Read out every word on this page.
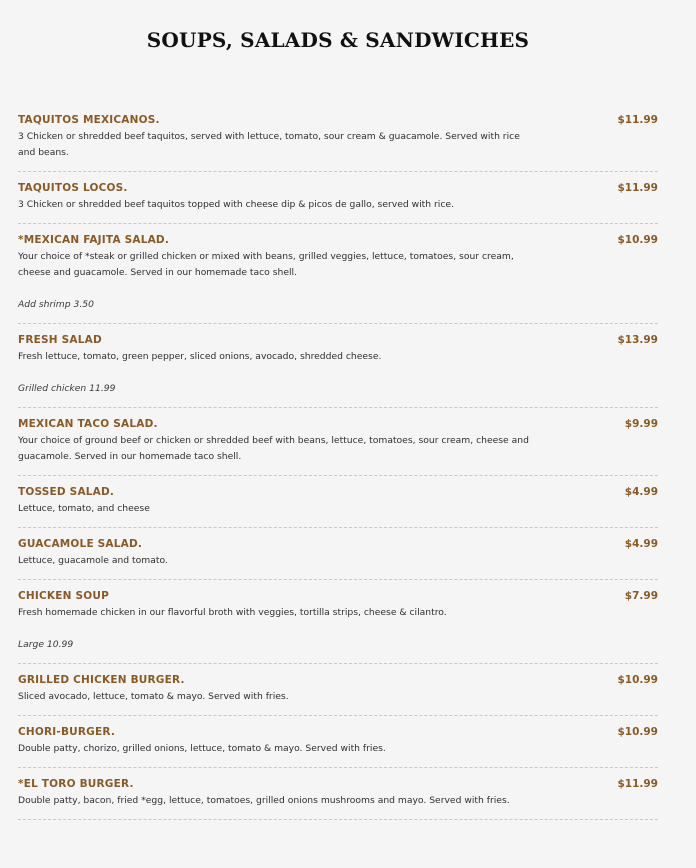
SOUPS, SALADS & SANDWICHES
TAQUITOS MEXICANOS.	$11.99
3 Chicken or shredded beef taquitos, served with lettuce, tomato, sour cream & guacamole. Served with rice and beans.
TAQUITOS LOCOS.	$11.99
3 Chicken or shredded beef taquitos topped with cheese dip & picos de gallo, served with rice.
*MEXICAN FAJITA SALAD.	$10.99
Your choice of *steak or grilled chicken or mixed with beans, grilled veggies, lettuce, tomatoes, sour cream, cheese and guacamole. Served in our homemade taco shell.
Add shrimp 3.50
FRESH SALAD	$13.99
Fresh lettuce, tomato, green pepper, sliced onions, avocado, shredded cheese.
Grilled chicken 11.99
MEXICAN TACO SALAD.	$9.99
Your choice of ground beef or chicken or shredded beef with beans, lettuce, tomatoes, sour cream, cheese and guacamole. Served in our homemade taco shell.
TOSSED SALAD.	$4.99
Lettuce, tomato, and cheese
GUACAMOLE SALAD.	$4.99
Lettuce, guacamole and tomato.
CHICKEN SOUP	$7.99
Fresh homemade chicken in our flavorful broth with veggies, tortilla strips, cheese & cilantro.
Large 10.99
GRILLED CHICKEN BURGER.	$10.99
Sliced avocado, lettuce, tomato & mayo. Served with fries.
CHORI-BURGER.	$10.99
Double patty, chorizo, grilled onions, lettuce, tomato & mayo. Served with fries.
*EL TORO BURGER.	$11.99
Double patty, bacon, fried *egg, lettuce, tomatoes, grilled onions mushrooms and mayo. Served with fries.
